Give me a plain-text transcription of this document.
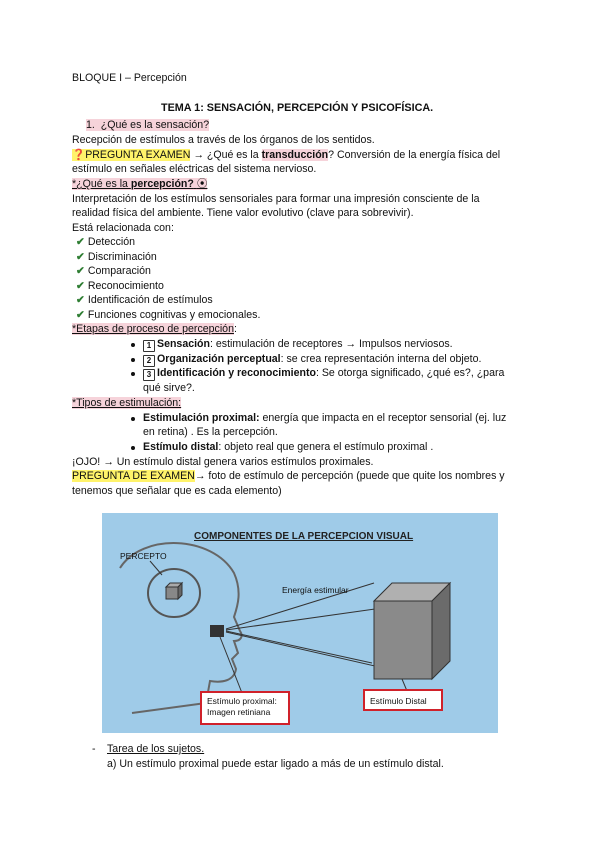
BLOQUE I – Percepción
TEMA 1: SENSACIÓN, PERCEPCIÓN Y PSICOFÍSICA.
1. ¿Qué es la sensación?
Recepción de estímulos a través de los órganos de los sentidos.
❓PREGUNTA EXAMEN → ¿Qué es la transducción? Conversión de la energía física del
estímulo en señales eléctricas del sistema nervioso.
*¿Qué es la percepción? ⦿
Interpretación de los estímulos sensoriales para formar una impresión consciente de la
realidad física del ambiente. Tiene valor evolutivo (clave para sobrevivir).
Está relacionada con:
✔ Detección
✔ Discriminación
✔ Comparación
✔ Reconocimiento
✔ Identificación de estímulos
✔ Funciones cognitivas y emocionales.
*Etapas de proceso de percepción:
1 Sensación: estimulación de receptores → Impulsos nerviosos.
2 Organización perceptual: se crea representación interna del objeto.
3 Identificación y reconocimiento: Se otorga significado, ¿qué es?, ¿para
qué sirve?.
*Tipos de estimulación:
Estimulación proximal: energía que impacta en el receptor sensorial (ej. luz
en retina) . Es la percepción.
Estímulo distal: objeto real que genera el estímulo proximal .
¡OJO! → Un estímulo distal genera varios estímulos proximales.
PREGUNTA DE EXAMEN→ foto de estímulo de percepción (puede que quite los nombres y
tenemos que señalar que es cada elemento)
COMPONENTES DE LA PERCEPCION VISUAL
PERCEPTO
Energía estimular
Estímulo proximal:
Imagen retiniana
Estímulo Distal
- Tarea de los sujetos.
a) Un estímulo proximal puede estar ligado a más de un estímulo distal.
